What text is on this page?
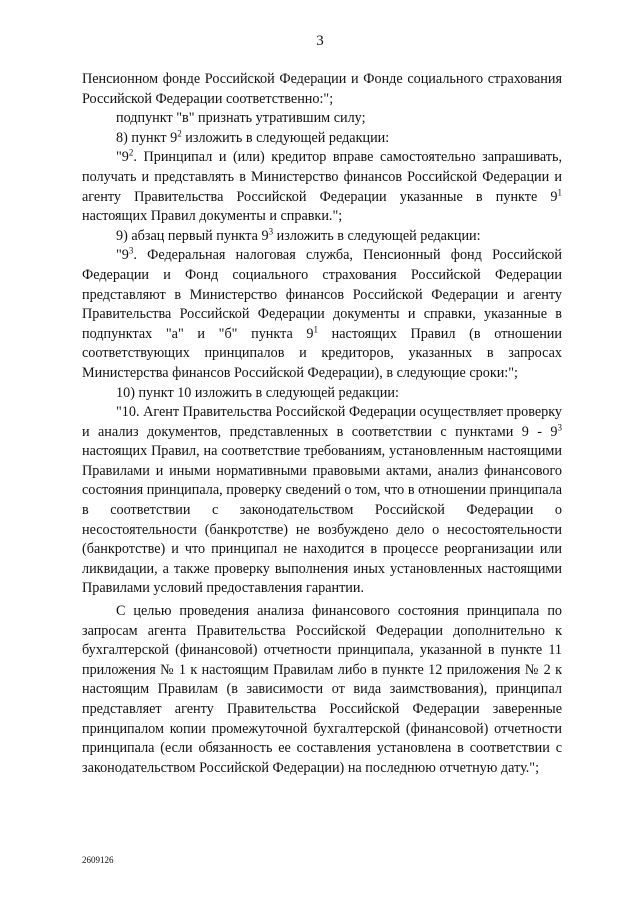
3

Пенсионном фонде Российской Федерации и Фонде социального страхования Российской Федерации соответственно:";

подпункт "в" признать утратившим силу;

8) пункт $9^2$ изложить в следующей редакции:

"$9^2$. Принципал и (или) кредитор вправе самостоятельно запрашивать, получать и представлять в Министерство финансов Российской Федерации и агенту Правительства Российской Федерации указанные в пункте $9^1$ настоящих Правил документы и справки.";

9) абзац первый пункта $9^3$ изложить в следующей редакции:

"$9^3$. Федеральная налоговая служба, Пенсионный фонд Российской Федерации и Фонд социального страхования Российской Федерации представляют в Министерство финансов Российской Федерации и агенту Правительства Российской Федерации документы и справки, указанные в подпунктах "а" и "б" пункта $9^1$ настоящих Правил (в отношении соответствующих принципалов и кредиторов, указанных в запросах Министерства финансов Российской Федерации), в следующие сроки:";

10) пункт 10 изложить в следующей редакции:

"10. Агент Правительства Российской Федерации осуществляет проверку и анализ документов, представленных в соответствии с пунктами $9 - 9^3$ настоящих Правил, на соответствие требованиям, установленным настоящими Правилами и иными нормативными правовыми актами, анализ финансового состояния принципала, проверку сведений о том, что в отношении принципала в соответствии с законодательством Российской Федерации о несостоятельности (банкротстве) не возбуждено дело о несостоятельности (банкротстве) и что принципал не находится в процессе реорганизации или ликвидации, а также проверку выполнения иных установленных настоящими Правилами условий предоставления гарантии.

С целью проведения анализа финансового состояния принципала по запросам агента Правительства Российской Федерации дополнительно к бухгалтерской (финансовой) отчетности принципала, указанной в пункте 11 приложения № 1 к настоящим Правилам либо в пункте 12 приложения № 2 к настоящим Правилам (в зависимости от вида заимствования), принципал представляет агенту Правительства Российской Федерации заверенные принципалом копии промежуточной бухгалтерской (финансовой) отчетности принципала (если обязанность ее составления установлена в соответствии с законодательством Российской Федерации) на последнюю отчетную дату.";

2609126
